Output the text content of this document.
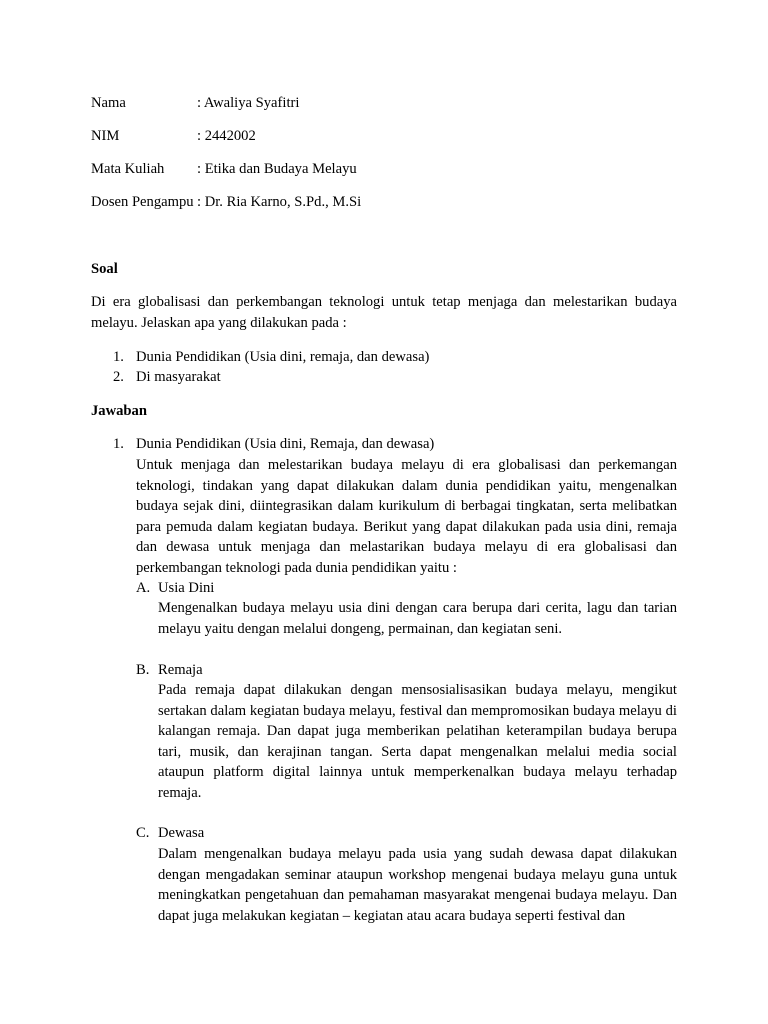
Nama	: Awaliya Syafitri
NIM	: 2442002
Mata Kuliah : Etika dan Budaya Melayu
Dosen Pengampu : Dr. Ria Karno, S.Pd., M.Si
Soal
Di era globalisasi dan perkembangan teknologi untuk tetap menjaga dan melestarikan budaya melayu. Jelaskan apa yang dilakukan pada :
1. Dunia Pendidikan (Usia dini, remaja, dan dewasa)
2. Di masyarakat
Jawaban
1. Dunia Pendidikan (Usia dini, Remaja, dan dewasa)
Untuk menjaga dan melestarikan budaya melayu di era globalisasi dan perkemangan teknologi, tindakan yang dapat dilakukan dalam dunia pendidikan yaitu, mengenalkan budaya sejak dini, diintegrasikan dalam kurikulum di berbagai tingkatan, serta melibatkan para pemuda dalam kegiatan budaya. Berikut yang dapat dilakukan pada usia dini, remaja dan dewasa untuk menjaga dan melastarikan budaya melayu di era globalisasi dan perkembangan teknologi pada dunia pendidikan yaitu :
A. Usia Dini
Mengenalkan budaya melayu usia dini dengan cara berupa dari cerita, lagu dan tarian melayu yaitu dengan melalui dongeng, permainan, dan kegiatan seni.
B. Remaja
Pada remaja dapat dilakukan dengan mensosialisasikan budaya melayu, mengikut sertakan dalam kegiatan budaya melayu, festival dan mempromosikan budaya melayu di kalangan remaja. Dan dapat juga memberikan pelatihan keterampilan budaya berupa tari, musik, dan kerajinan tangan. Serta dapat mengenalkan melalui media social ataupun platform digital lainnya untuk memperkenalkan budaya melayu terhadap remaja.
C. Dewasa
Dalam mengenalkan budaya melayu pada usia yang sudah dewasa dapat dilakukan dengan mengadakan seminar ataupun workshop mengenai budaya melayu guna untuk meningkatkan pengetahuan dan pemahaman masyarakat mengenai budaya melayu. Dan dapat juga melakukan kegiatan – kegiatan atau acara budaya seperti festival dan
